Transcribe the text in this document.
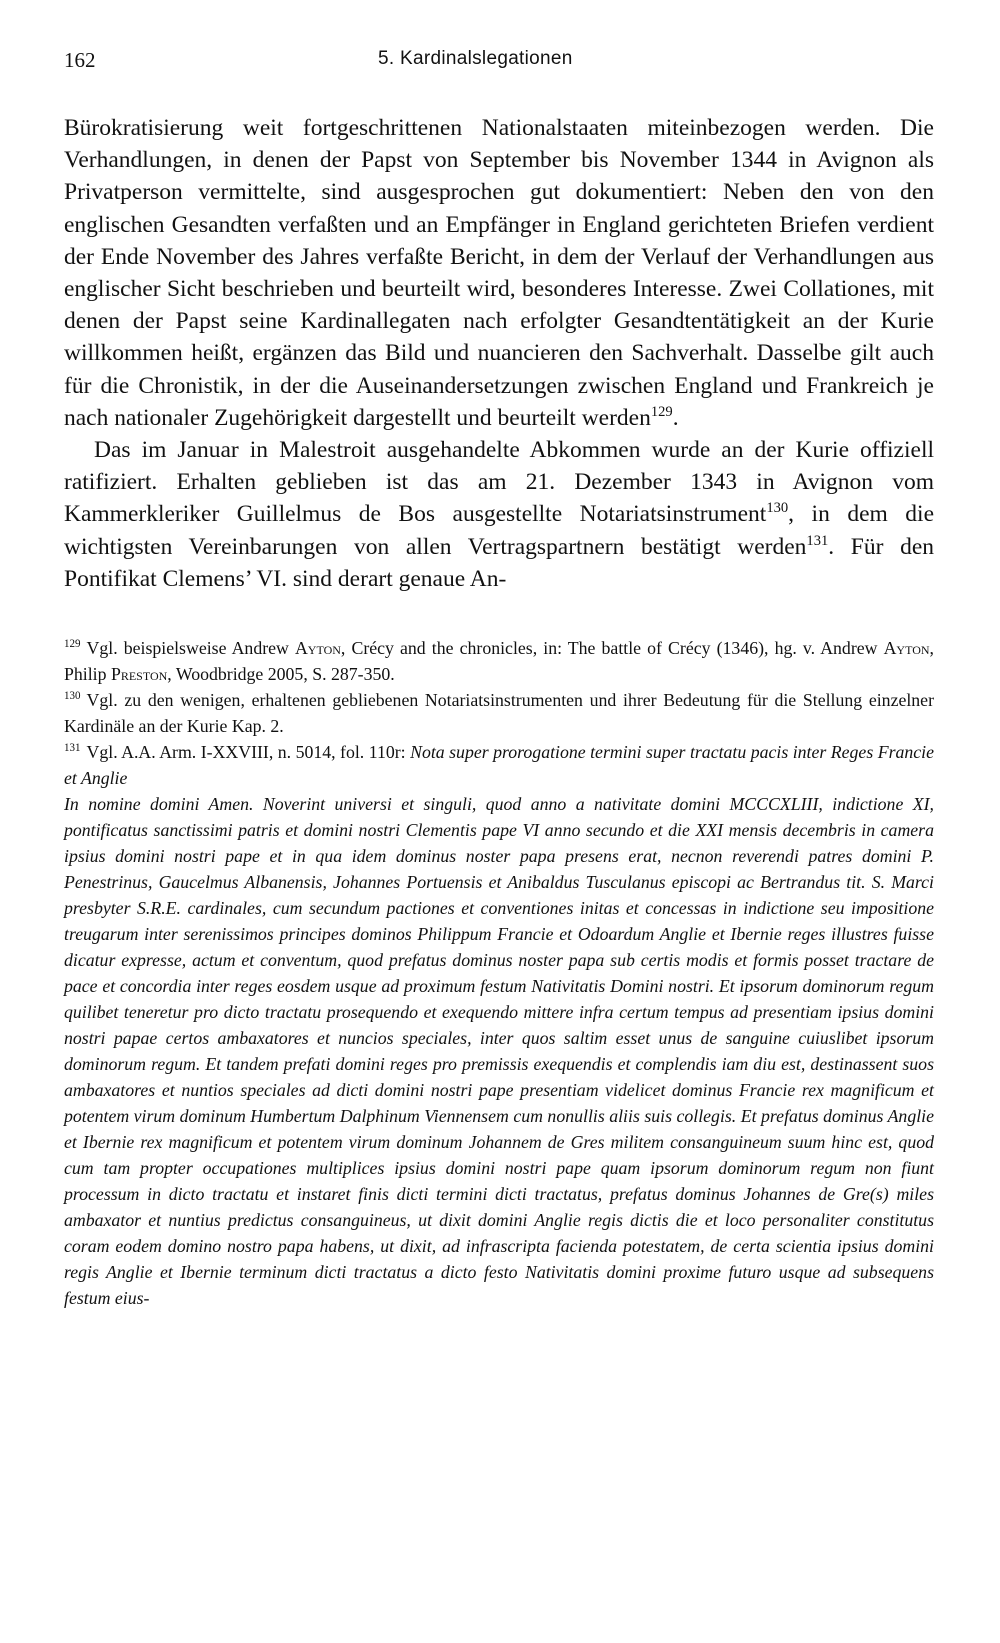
162	5. Kardinalslegationen

Bürokratisierung weit fortgeschrittenen Nationalstaaten miteinbezogen werden. Die Verhandlungen, in denen der Papst von September bis November 1344 in Avignon als Privatperson vermittelte, sind ausgesprochen gut dokumentiert: Neben den von den englischen Gesandten verfaßten und an Empfänger in England gerichteten Briefen verdient der Ende November des Jahres verfaßte Bericht, in dem der Verlauf der Verhandlungen aus englischer Sicht beschrieben und beurteilt wird, besonderes Interesse. Zwei Collationes, mit denen der Papst seine Kardinallegaten nach erfolgter Gesandtentätigkeit an der Kurie willkommen heißt, ergänzen das Bild und nuancieren den Sachverhalt. Dasselbe gilt auch für die Chronistik, in der die Auseinandersetzungen zwischen England und Frankreich je nach nationaler Zugehörigkeit dargestellt und beurteilt werden$^{129}$.

Das im Januar in Malestroit ausgehandelte Abkommen wurde an der Kurie offiziell ratifiziert. Erhalten geblieben ist das am 21. Dezember 1343 in Avignon vom Kammerkleriker Guillelmus de Bos ausgestellte Notariatsinstrument$^{130}$, in dem die wichtigsten Vereinbarungen von allen Vertragspartnern bestätigt werden$^{131}$. Für den Pontifikat Clemens’ VI. sind derart genaue An-

$^{129}$ Vgl. beispielsweise Andrew Ayton, Crécy and the chronicles, in: The battle of Crécy (1346), hg. v. Andrew Ayton, Philip Preston, Woodbridge 2005, S. 287-350.

$^{130}$ Vgl. zu den wenigen, erhaltenen gebliebenen Notariatsinstrumenten und ihrer Bedeutung für die Stellung einzelner Kardinäle an der Kurie Kap. 2.

$^{131}$ Vgl. A.A. Arm. I-XXVIII, n. 5014, fol. 110r: Nota super prorogatione termini super tractatu pacis inter Reges Francie et Anglie

In nomine domini Amen. Noverint universi et singuli, quod anno a nativitate domini MCCCXLIII, indictione XI, pontificatus sanctissimi patris et domini nostri Clementis pape VI anno secundo et die XXI mensis decembris in camera ipsius domini nostri pape et in qua idem dominus noster papa presens erat, necnon reverendi patres domini P. Penestrinus, Gaucelmus Albanensis, Johannes Portuensis et Anibaldus Tusculanus episcopi ac Bertrandus tit. S. Marci presbyter S.R.E. cardinales, cum secundum pactiones et conventiones initas et concessas in indictione seu impositione treugarum inter serenissimos principes dominos Philippum Francie et Odoardum Anglie et Ibernie reges illustres fuisse dicatur expresse, actum et conventum, quod prefatus dominus noster papa sub certis modis et formis posset tractare de pace et concordia inter reges eosdem usque ad proximum festum Nativitatis Domini nostri. Et ipsorum dominorum regum quilibet teneretur pro dicto tractatu prosequendo et exequendo mittere infra certum tempus ad presentiam ipsius domini nostri papae certos ambaxatores et nuncios speciales, inter quos saltim esset unus de sanguine cuiuslibet ipsorum dominorum regum. Et tandem prefati domini reges pro premissis exequendis et complendis iam diu est, destinassent suos ambaxatores et nuntios speciales ad dicti domini nostri pape presentiam videlicet dominus Francie rex magnificum et potentem virum dominum Humbertum Dalphinum Viennensem cum nonullis aliis suis collegis. Et prefatus dominus Anglie et Ibernie rex magnificum et potentem virum dominum Johannem de Gres militem consanguineum suum hinc est, quod cum tam propter occupationes multiplices ipsius domini nostri pape quam ipsorum dominorum regum non fiunt processum in dicto tractatu et instaret finis dicti termini dicti tractatus, prefatus dominus Johannes de Gre(s) miles ambaxator et nuntius predictus consanguineus, ut dixit domini Anglie regis dictis die et loco personaliter constitutus coram eodem domino nostro papa habens, ut dixit, ad infrascripta facienda potestatem, de certa scientia ipsius domini regis Anglie et Ibernie terminum dicti tractatus a dicto festo Nativitatis domini proxime futuro usque ad subsequens festum eius-
